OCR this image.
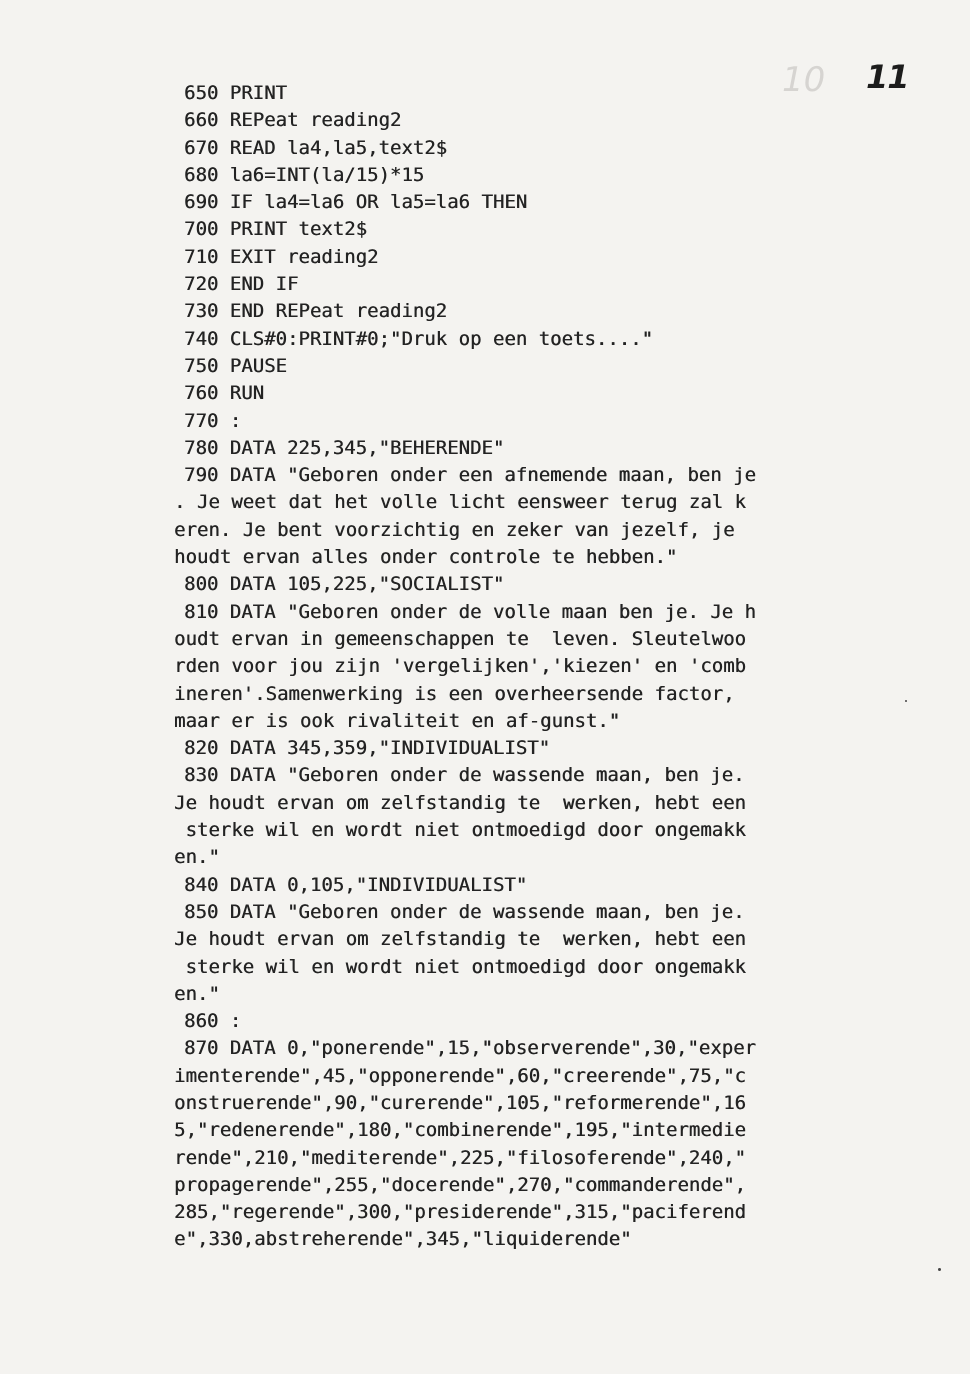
10 11
650 PRINT
660 REPeat reading2
670 READ la4,la5,text2$
680 la6=INT(la/15)*15
690 IF la4=la6 OR la5=la6 THEN
700 PRINT text2$
710 EXIT reading2
720 END IF
730 END REPeat reading2
740 CLS#0:PRINT#0;"Druk op een toets...."
750 PAUSE
760 RUN
770 :
780 DATA 225,345,"BEHERENDE"
790 DATA "Geboren onder een afnemende maan, ben je
. Je weet dat het volle licht eensweer terug zal k
eren. Je bent voorzichtig en zeker van jezelf, je
houdt ervan alles onder controle te hebben."
800 DATA 105,225,"SOCIALIST"
810 DATA "Geboren onder de volle maan ben je. Je h
oudt ervan in gemeenschappen te  leven. Sleutelwoo
rden voor jou zijn 'vergelijken','kiezen' en 'comb
ineren'.Samenwerking is een overheersende factor,
maar er is ook rivaliteit en af-gunst."
820 DATA 345,359,"INDIVIDUALIST"
830 DATA "Geboren onder de wassende maan, ben je.
Je houdt ervan om zelfstandig te  werken, hebt een
sterke wil en wordt niet ontmoedigd door ongemakk
en."
840 DATA 0,105,"INDIVIDUALIST"
850 DATA "Geboren onder de wassende maan, ben je.
Je houdt ervan om zelfstandig te  werken, hebt een
sterke wil en wordt niet ontmoedigd door ongemakk
en."
860 :
870 DATA 0,"ponerende",15,"observerende",30,"exper
imenterende",45,"opponerende",60,"creerende",75,"c
onstruerende",90,"curerende",105,"reformerende",16
5,"redenerende",180,"combinerende",195,"intermedie
rende",210,"mediterende",225,"filosoferende",240,"
propagerende",255,"docerende",270,"commanderende",
285,"regerende",300,"presiderende",315,"paciferend
e",330,abstreherende",345,"liquiderende"
